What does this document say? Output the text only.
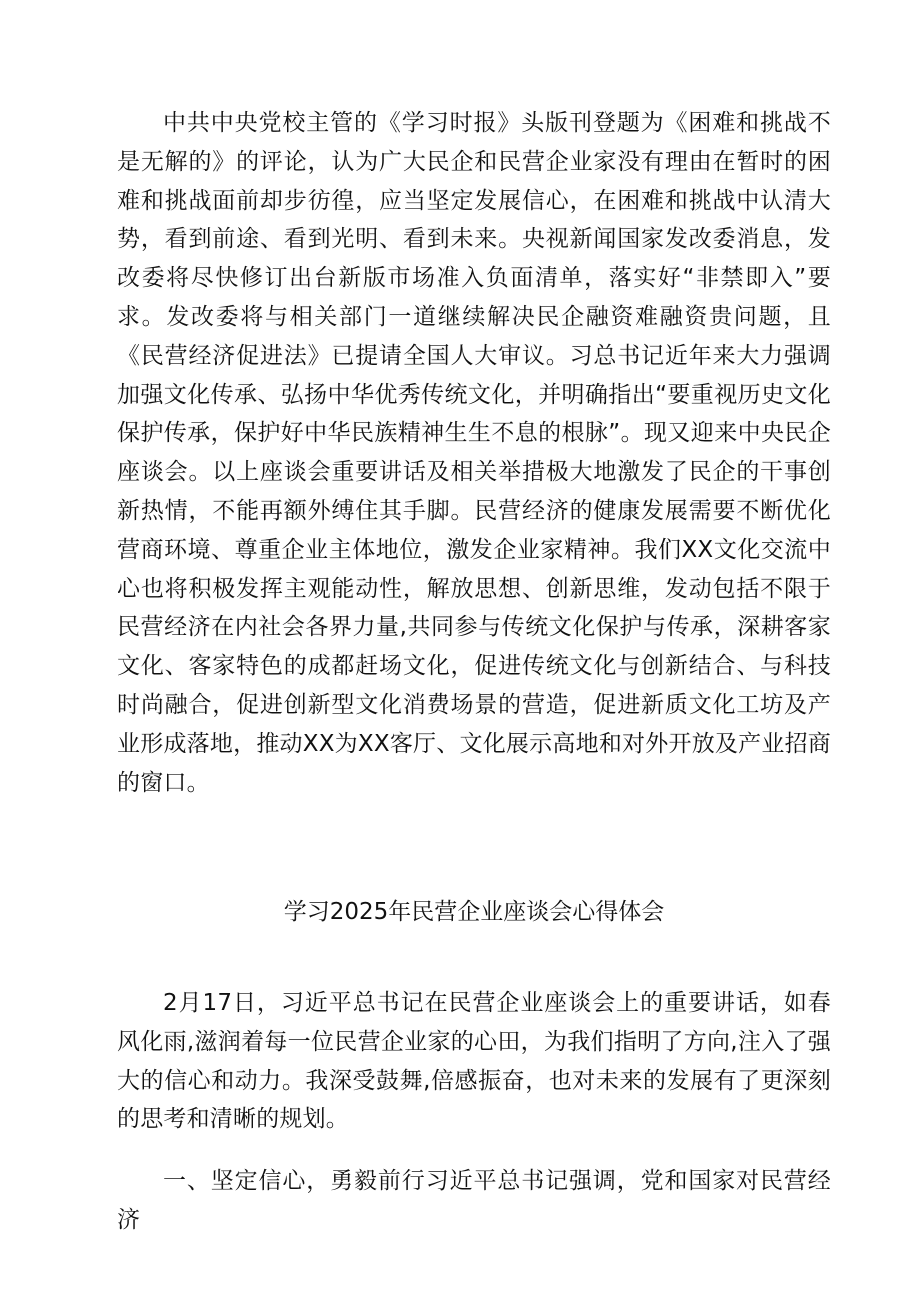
中共中央党校主管的《学习时报》头版刊登题为《困难和挑战不是无解的》的评论，认为广大民企和民营企业家没有理由在暂时的困难和挑战面前却步彷徨，应当坚定发展信心，在困难和挑战中认清大势，看到前途、看到光明、看到未来。央视新闻国家发改委消息，发改委将尽快修订出台新版市场准入负面清单，落实好“非禁即入”要求。发改委将与相关部门一道继续解决民企融资难融资贵问题，且《民营经济促进法》已提请全国人大审议。习总书记近年来大力强调加强文化传承、弘扬中华优秀传统文化，并明确指出“要重视历史文化保护传承，保护好中华民族精神生生不息的根脉”。现又迎来中央民企座谈会。以上座谈会重要讲话及相关举措极大地激发了民企的干事创新热情，不能再额外缚住其手脚。民营经济的健康发展需要不断优化营商环境、尊重企业主体地位，激发企业家精神。我们XX文化交流中心也将积极发挥主观能动性，解放思想、创新思维，发动包括不限于民营经济在内社会各界力量,共同参与传统文化保护与传承，深耕客家文化、客家特色的成都赶场文化，促进传统文化与创新结合、与科技时尚融合，促进创新型文化消费场景的营造，促进新质文化工坊及产业形成落地，推动XX为XX客厅、文化展示高地和对外开放及产业招商的窗口。

学习2025年民营企业座谈会心得体会

2月17日，习近平总书记在民营企业座谈会上的重要讲话，如春风化雨,滋润着每一位民营企业家的心田，为我们指明了方向,注入了强大的信心和动力。我深受鼓舞,倍感振奋，也对未来的发展有了更深刻的思考和清晰的规划。

一、坚定信心，勇毅前行习近平总书记强调，党和国家对民营经济
